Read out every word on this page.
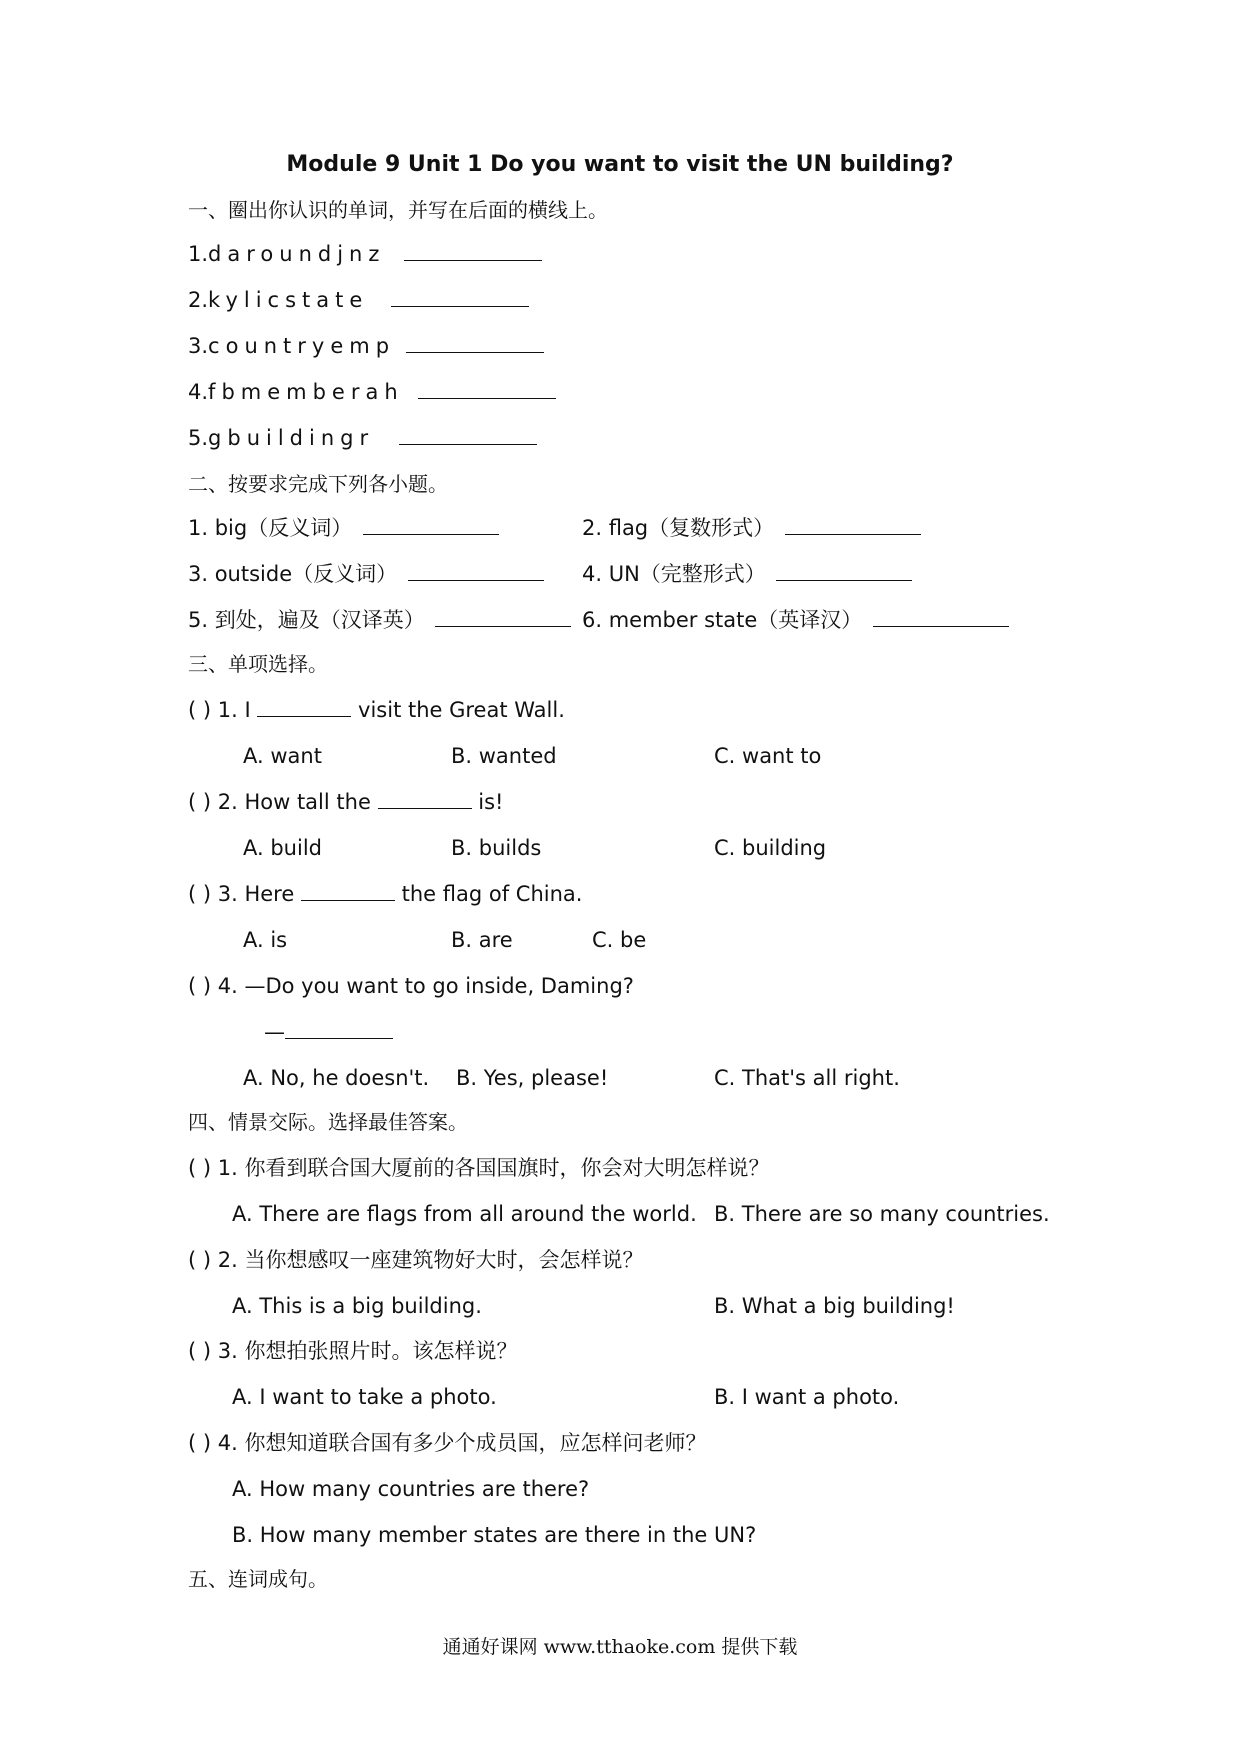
Module 9 Unit 1 Do you want to visit the UN building?
一、圈出你认识的单词，并写在后面的横线上。
1.daroundjnz
2.kylicstate
3.countryemp
4.fbmemberah
5.gbuildingr
二、按要求完成下列各小题。
1. big（反义词）	2. flag（复数形式）
3. outside（反义词）	4. UN（完整形式）
5. 到处，遍及（汉译英）	6. member state（英译汉）
三、单项选择。
( ) 1. I	visit the Great Wall.
A. want	B. wanted	C. want to
( ) 2. How tall the	is!
A. build	B. builds	C. building
( ) 3. Here	the flag of China.
A. is	B. are	C. be
( ) 4. —Do you want to go inside, Daming?
—
A. No, he doesn't. B. Yes, please!	C. That's all right.
四、情景交际。选择最佳答案。
( ) 1. 你看到联合国大厦前的各国国旗时，你会对大明怎样说？
A. There are flags from all around the world. B. There are so many countries.
( ) 2. 当你想感叹一座建筑物好大时，会怎样说？
A. This is a big building.	B. What a big building!
( ) 3. 你想拍张照片时。该怎样说？
A. I want to take a photo.	B. I want a photo.
( ) 4. 你想知道联合国有多少个成员国，应怎样问老师？
A. How many countries are there?
B. How many member states are there in the UN?
五、连词成句。
通通好课网 www.tthaoke.com 提供下载
